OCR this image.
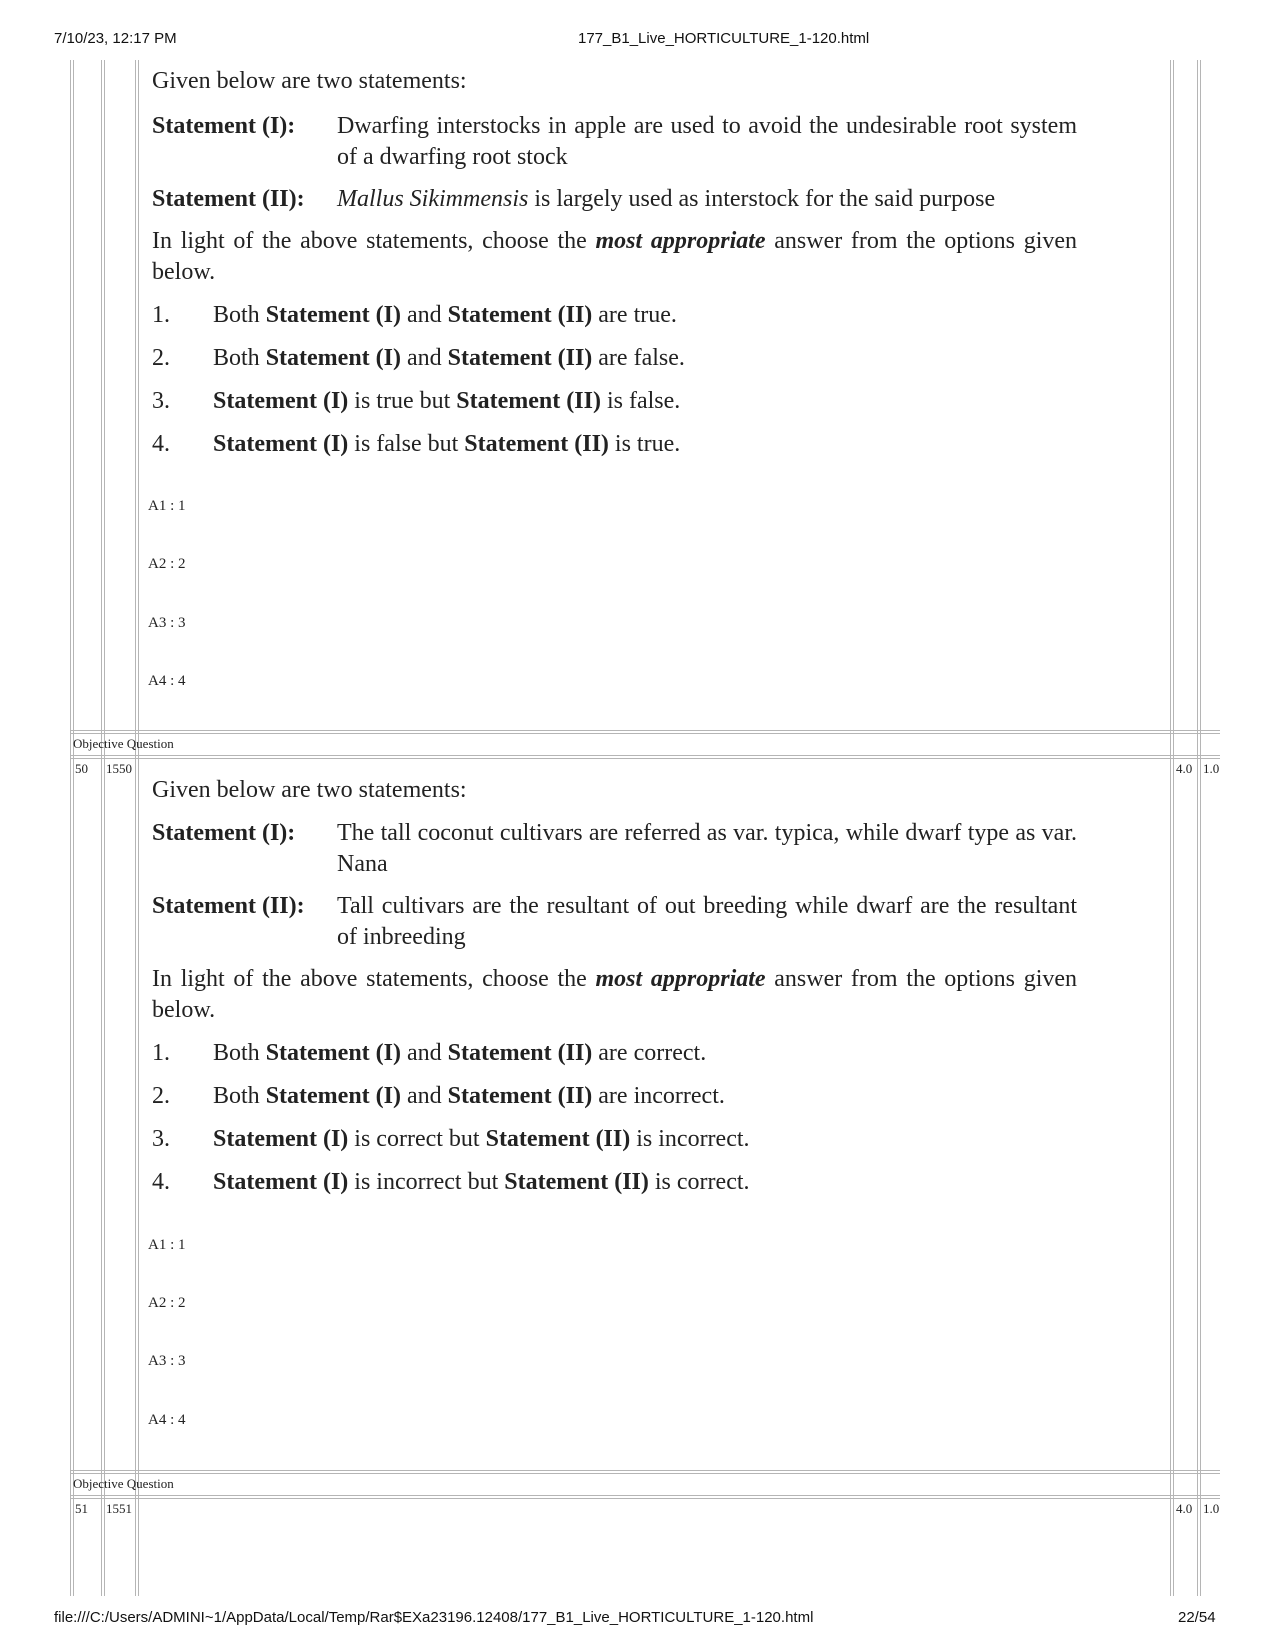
7/10/23, 12:17 PM	177_B1_Live_HORTICULTURE_1-120.html
file:///C:/Users/ADMINI~1/AppData/Local/Temp/Rar$EXa23196.12408/177_B1_Live_HORTICULTURE_1-120.html	22/54
Given below are two statements:
Statement (I): Dwarfing interstocks in apple are used to avoid the undesirable root system of a dwarfing root stock
Statement (II): Mallus Sikimmensis is largely used as interstock for the said purpose
In light of the above statements, choose the most appropriate answer from the options given below.
1. Both Statement (I) and Statement (II) are true.
2. Both Statement (I) and Statement (II) are false.
3. Statement (I) is true but Statement (II) is false.
4. Statement (I) is false but Statement (II) is true.
A1 : 1
A2 : 2
A3 : 3
A4 : 4
Objective Question
50 1550	4.0 1.0
Given below are two statements:
Statement (I): The tall coconut cultivars are referred as var. typica, while dwarf type as var. Nana
Statement (II): Tall cultivars are the resultant of out breeding while dwarf are the resultant of inbreeding
In light of the above statements, choose the most appropriate answer from the options given below.
1. Both Statement (I) and Statement (II) are correct.
2. Both Statement (I) and Statement (II) are incorrect.
3. Statement (I) is correct but Statement (II) is incorrect.
4. Statement (I) is incorrect but Statement (II) is correct.
A1 : 1
A2 : 2
A3 : 3
A4 : 4
Objective Question
51 1551	4.0 1.0
